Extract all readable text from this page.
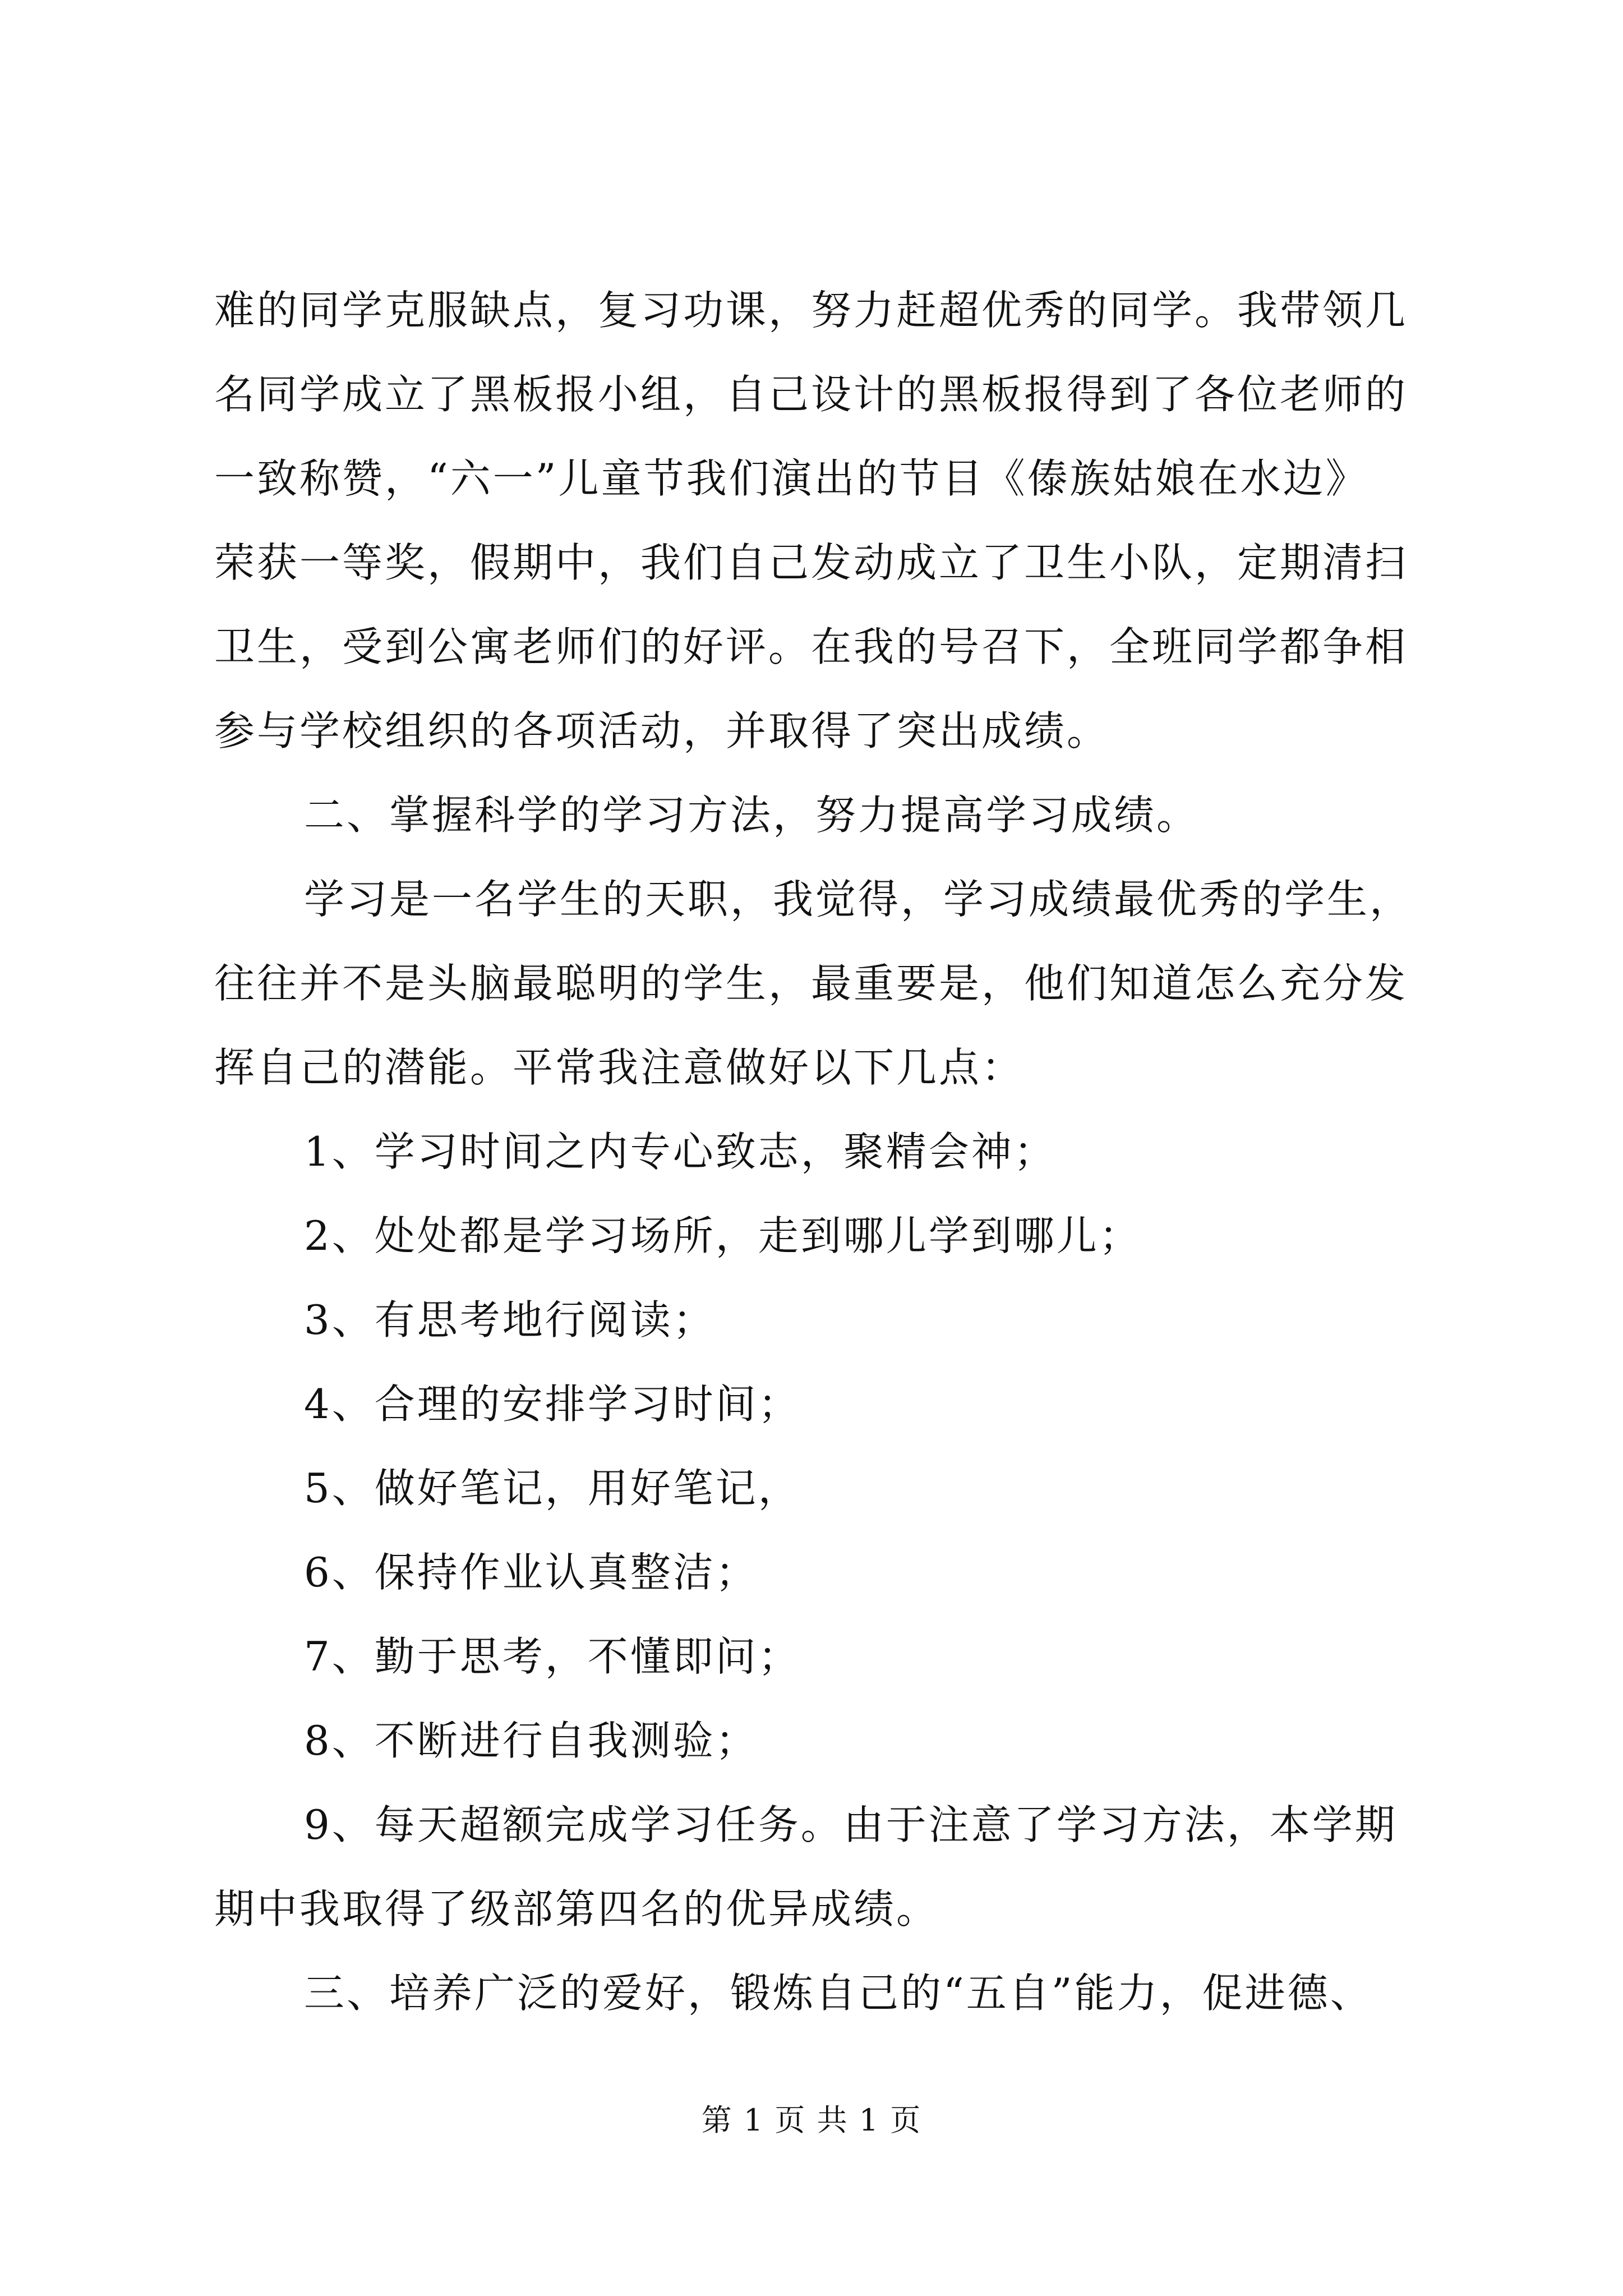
难的同学克服缺点，复习功课，努力赶超优秀的同学。我带领几
名同学成立了黑板报小组，自己设计的黑板报得到了各位老师的
一致称赞，“六一”儿童节我们演出的节目《傣族姑娘在水边》
荣获一等奖，假期中，我们自己发动成立了卫生小队，定期清扫
卫生，受到公寓老师们的好评。在我的号召下，全班同学都争相
参与学校组织的各项活动，并取得了突出成绩。
二、掌握科学的学习方法，努力提高学习成绩。
学习是一名学生的天职，我觉得，学习成绩最优秀的学生，
往往并不是头脑最聪明的学生，最重要是，他们知道怎么充分发
挥自己的潜能。平常我注意做好以下几点：
1、学习时间之内专心致志，聚精会神；
2、处处都是学习场所，走到哪儿学到哪儿；
3、有思考地行阅读；
4、合理的安排学习时间；
5、做好笔记，用好笔记，
6、保持作业认真整洁；
7、勤于思考，不懂即问；
8、不断进行自我测验；
9、每天超额完成学习任务。由于注意了学习方法，本学期
期中我取得了级部第四名的优异成绩。
三、培养广泛的爱好，锻炼自己的“五自”能力，促进德、
第 1 页 共 1 页
